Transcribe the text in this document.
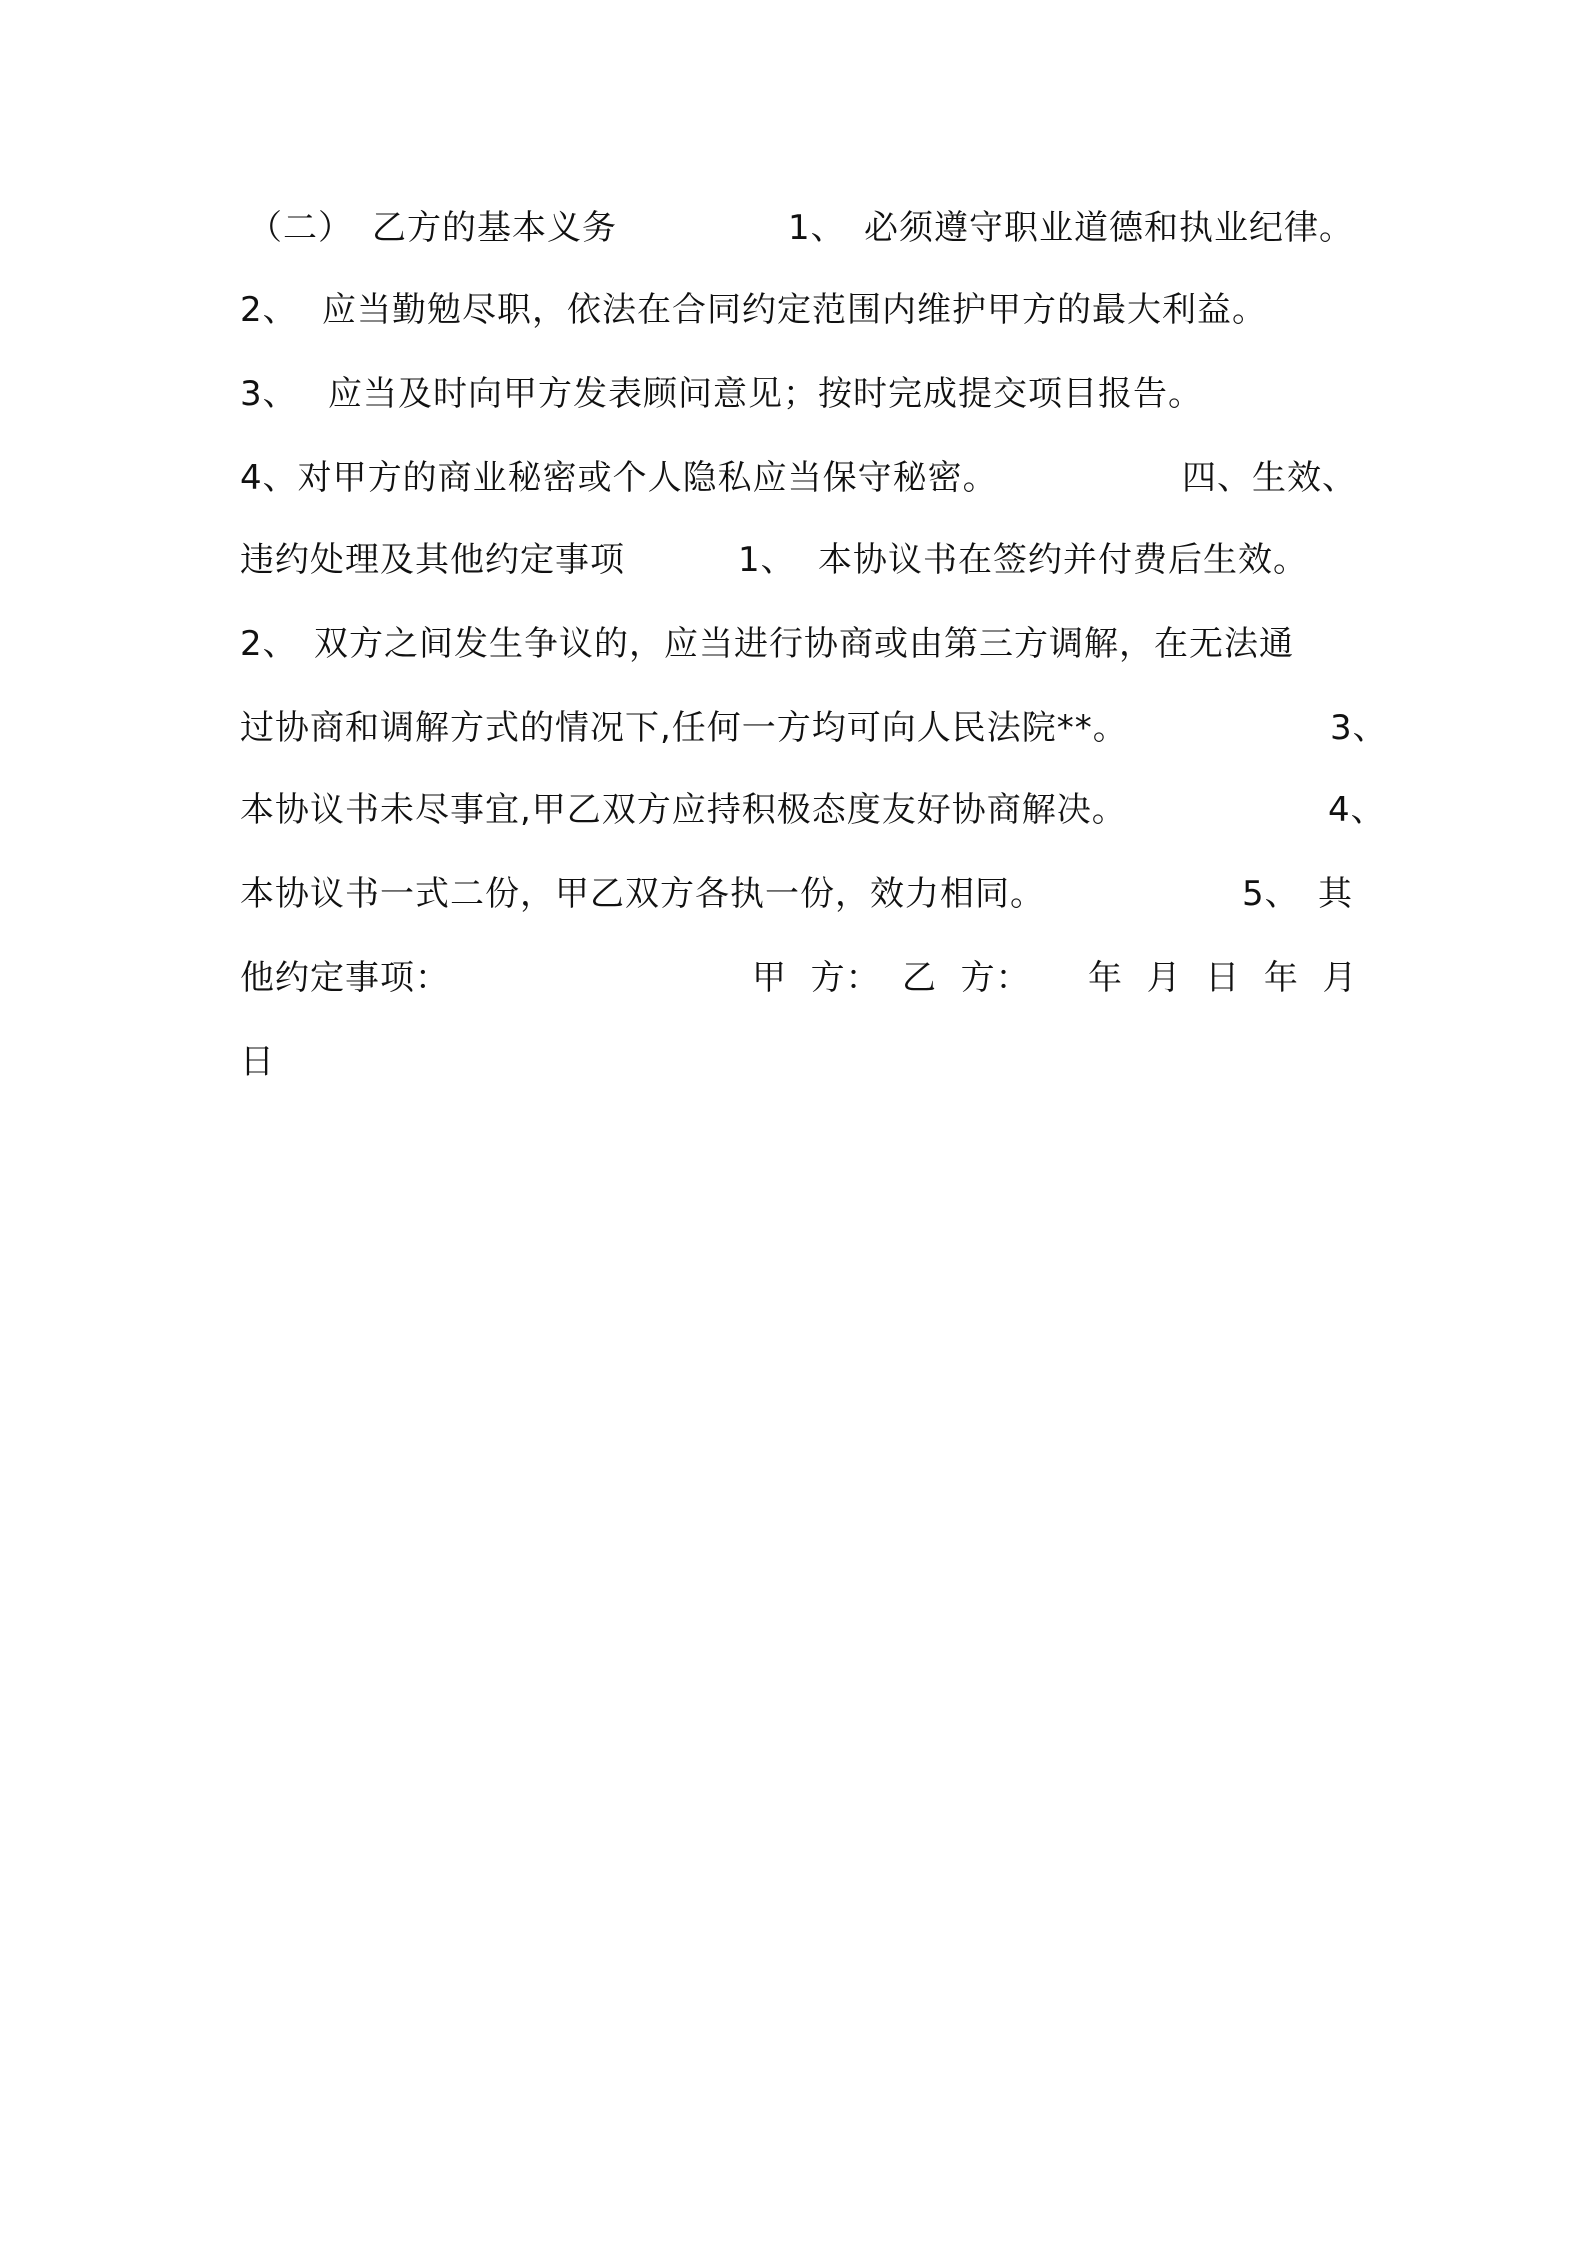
（二）

乙方的基本义务

	1、

必须遵守职业道德和执业纪律。

2、

应当勤勉尽职，依法在合同约定范围内维护甲方的最大利益。

3、

应当及时向甲方发表顾问意见；按时完成提交项目报告。

4、对甲方的商业秘密或个人隐私应当保守秘密。

	四、生效、

违约处理及其他约定事项

	1、

本协议书在签约并付费后生效。

2、

双方之间发生争议的，应当进行协商或由第三方调解，在无法通

过协商和调解方式的情况下,任何一方均可向人民法院**。

	3、

本协议书未尽事宜,甲乙双方应持积极态度友好协商解决。

	4、

本协议书一式二份，甲乙双方各执一份，效力相同。

	5、

其

他约定事项：

	甲  方：

乙  方：

年  月  日  年  月

日
